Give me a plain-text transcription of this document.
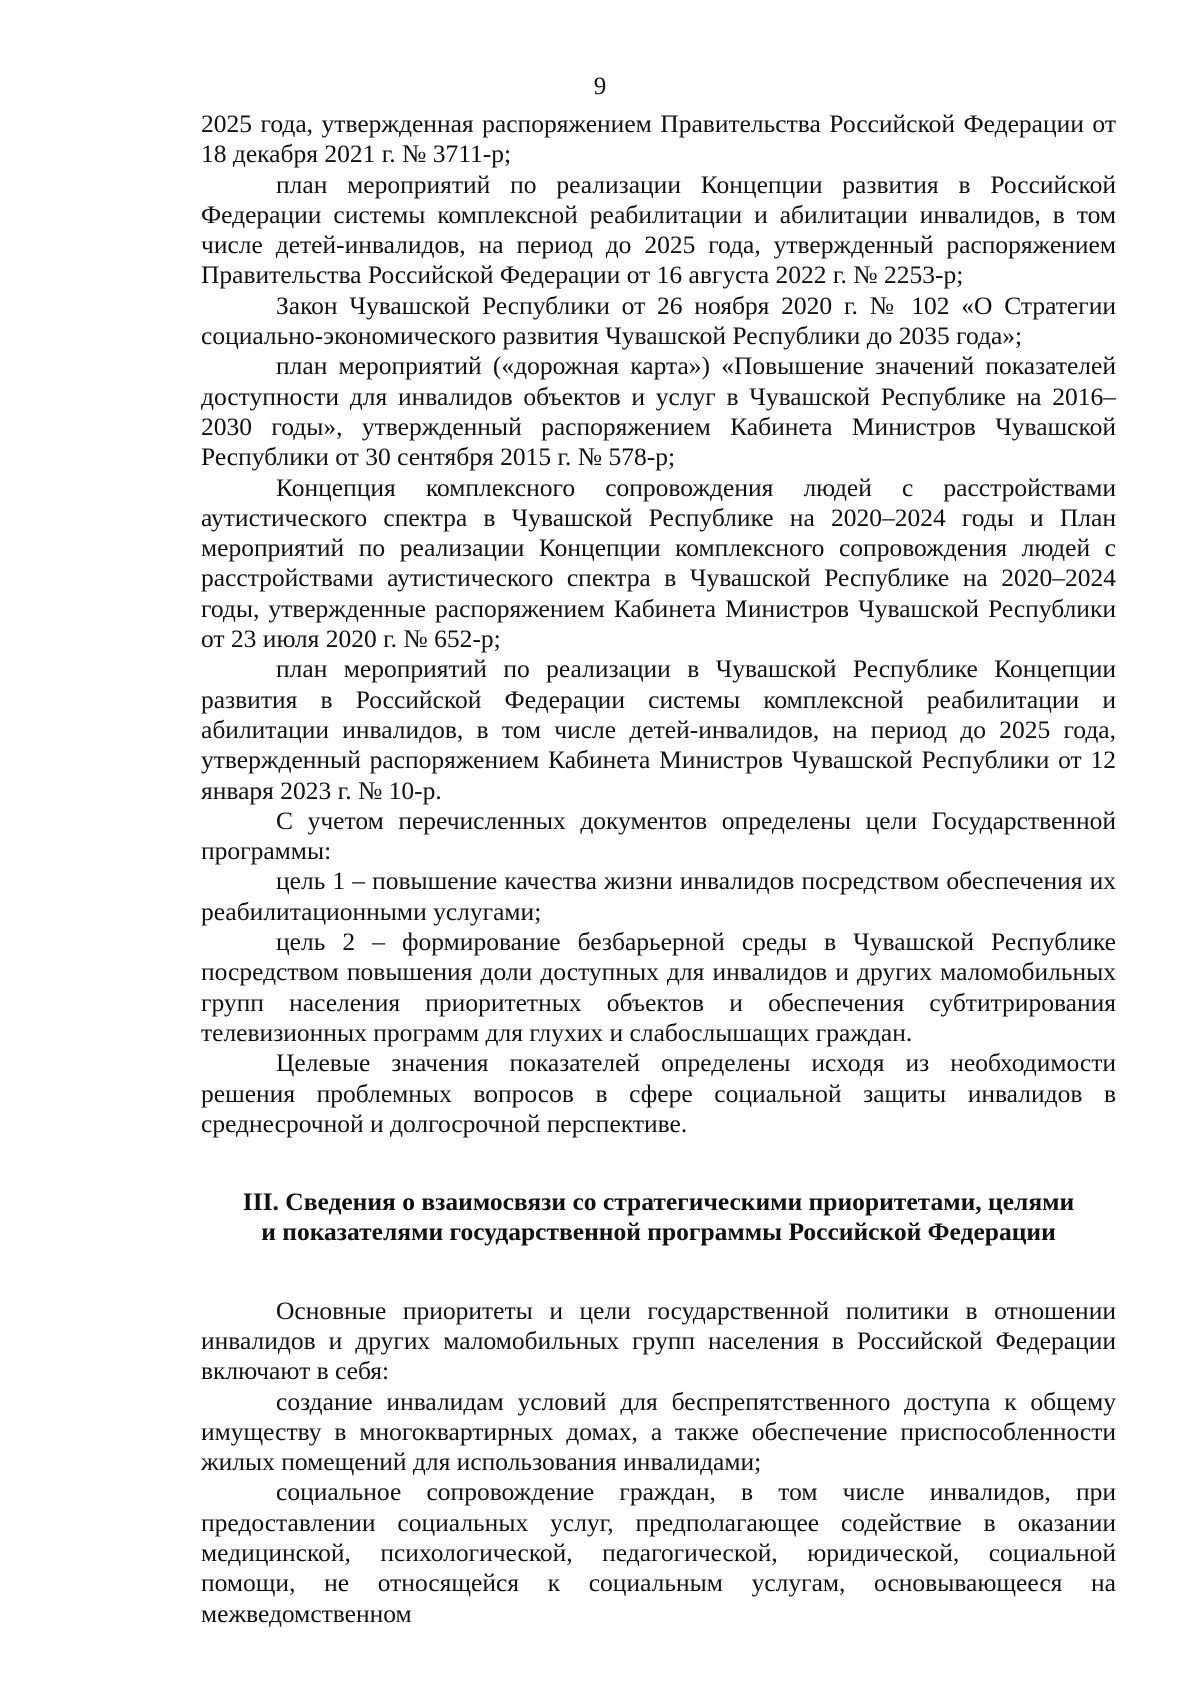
9

2025 года, утвержденная распоряжением Правительства Российской Федерации от 18 декабря 2021 г. № 3711-р;

план мероприятий по реализации Концепции развития в Российской Федерации системы комплексной реабилитации и абилитации инвалидов, в том числе детей-инвалидов, на период до 2025 года, утвержденный распоряжением Правительства Российской Федерации от 16 августа 2022 г. № 2253-р;

Закон Чувашской Республики от 26 ноября 2020 г. № 102 «О Стратегии социально-экономического развития Чувашской Республики до 2035 года»;

план мероприятий («дорожная карта») «Повышение значений показателей доступности для инвалидов объектов и услуг в Чувашской Республике на 2016–2030 годы», утвержденный распоряжением Кабинета Министров Чувашской Республики от 30 сентября 2015 г. № 578-р;

Концепция комплексного сопровождения людей с расстройствами аутистического спектра в Чувашской Республике на 2020–2024 годы и План мероприятий по реализации Концепции комплексного сопровождения людей с расстройствами аутистического спектра в Чувашской Республике на 2020–2024 годы, утвержденные распоряжением Кабинета Министров Чувашской Республики от 23 июля 2020 г. № 652-р;

план мероприятий по реализации в Чувашской Республике Концепции развития в Российской Федерации системы комплексной реабилитации и абилитации инвалидов, в том числе детей-инвалидов, на период до 2025 года, утвержденный распоряжением Кабинета Министров Чувашской Республики от 12 января 2023 г. № 10-р.

С учетом перечисленных документов определены цели Государственной программы:

цель 1 – повышение качества жизни инвалидов посредством обеспечения их реабилитационными услугами;

цель 2 – формирование безбарьерной среды в Чувашской Республике посредством повышения доли доступных для инвалидов и других маломобильных групп населения приоритетных объектов и обеспечения субтитрирования телевизионных программ для глухих и слабослышащих граждан.

Целевые значения показателей определены исходя из необходимости решения проблемных вопросов в сфере социальной защиты инвалидов в среднесрочной и долгосрочной перспективе.

III. Сведения о взаимосвязи со стратегическими приоритетами, целями
и показателями государственной программы Российской Федерации

Основные приоритеты и цели государственной политики в отношении инвалидов и других маломобильных групп населения в Российской Федерации включают в себя:

создание инвалидам условий для беспрепятственного доступа к общему имуществу в многоквартирных домах, а также обеспечение приспособленности жилых помещений для использования инвалидами;

социальное сопровождение граждан, в том числе инвалидов, при предоставлении социальных услуг, предполагающее содействие в оказании медицинской, психологической, педагогической, юридической, социальной помощи, не относящейся к социальным услугам, основывающееся на межведомственном
